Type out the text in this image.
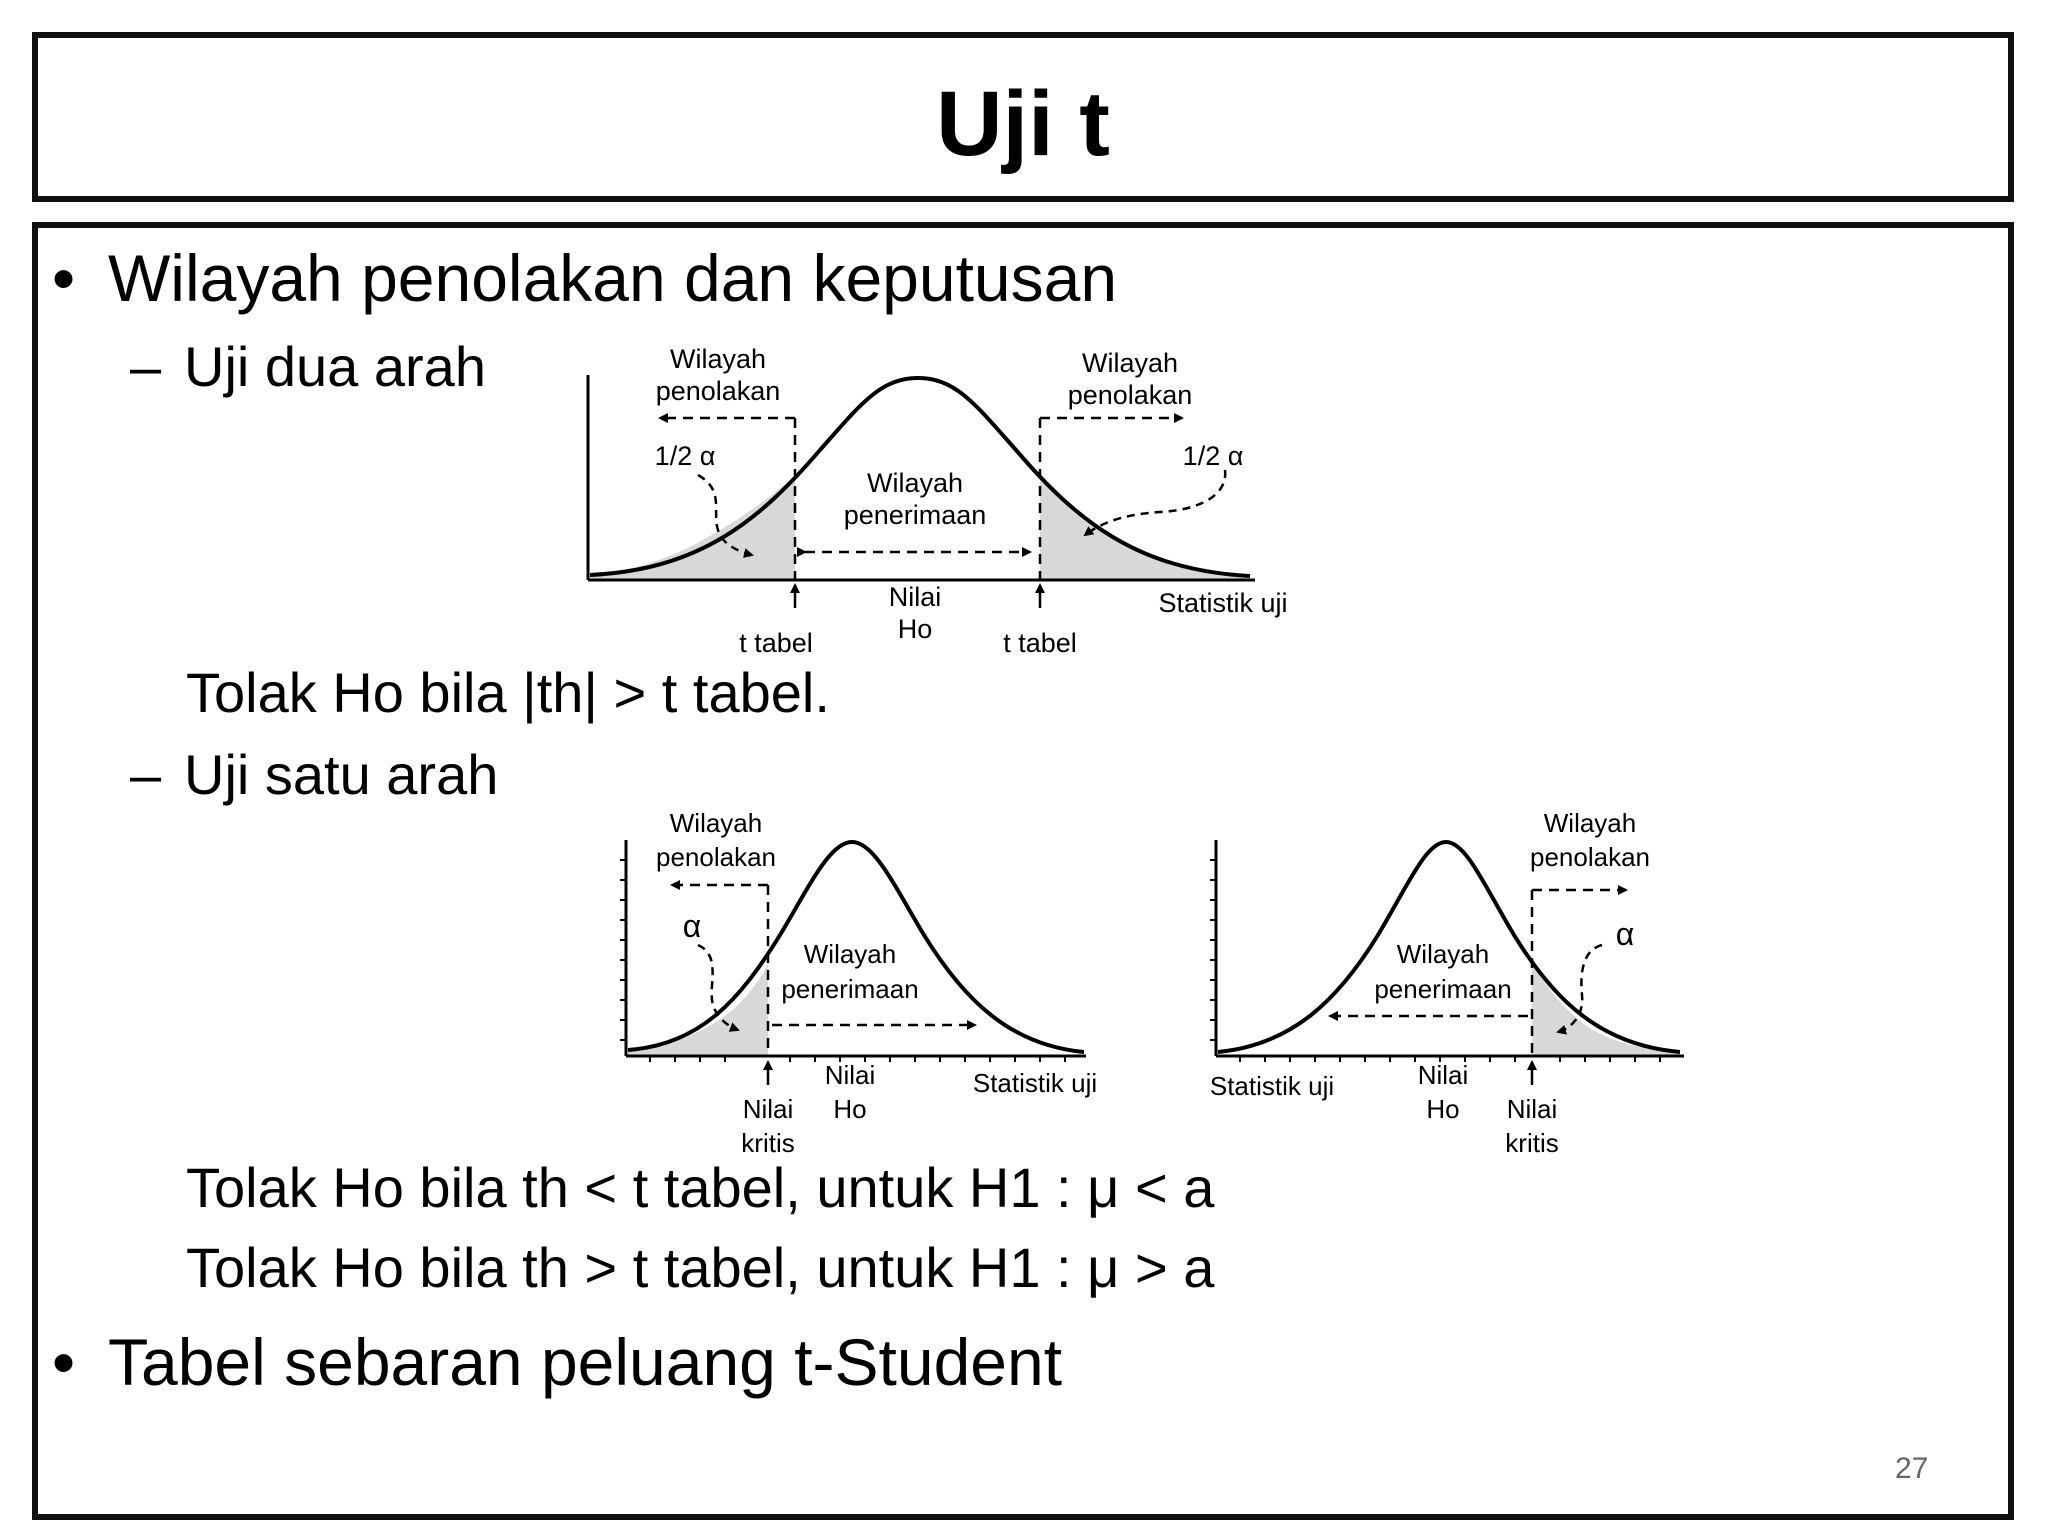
Uji t
• Wilayah penolakan dan keputusan
– Uji dua arah	Wilayah
penolakan
Wilayah
penolakan
1/2 α	1/2 α
Wilayah
penerimaan
Nilai
Ho
t tabel	t tabel
Statistik uji
Tolak Ho bila |th| > t tabel.
– Uji satu arah
Wilayah
penolakan
α
Wilayah
penerimaan
Nilai
kritis
Nilai
Ho
Statistik uji
Wilayah
penolakan
α
Wilayah
penerimaan
Nilai
kritis
Nilai
Ho
Statistik uji
Tolak Ho bila th < t tabel, untuk H1 : μ < a
Tolak Ho bila th > t tabel, untuk H1 : μ > a
• Tabel sebaran peluang t-Student
27
